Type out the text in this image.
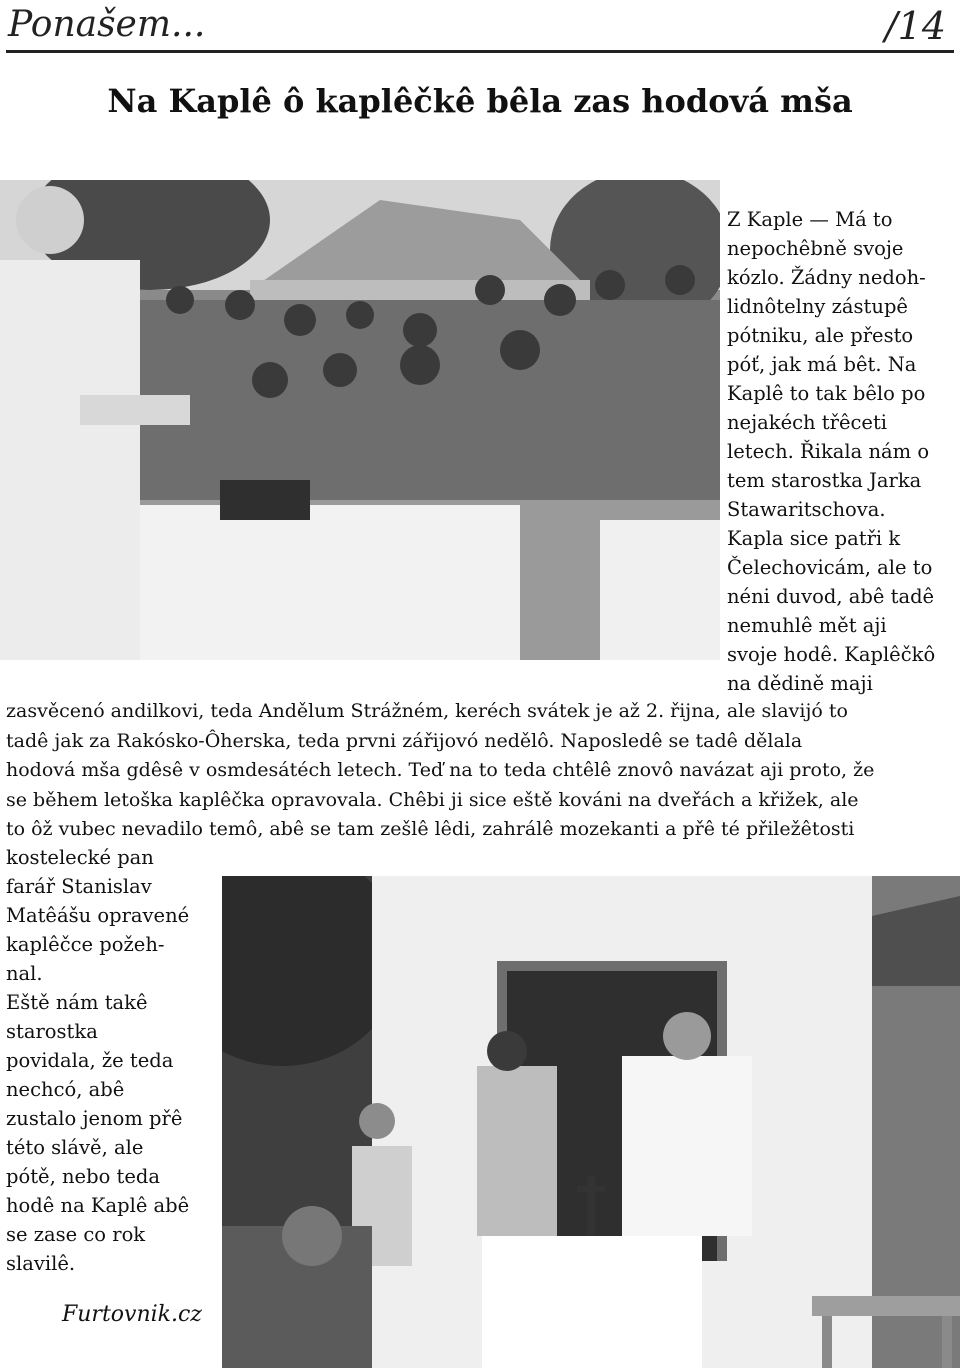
Ponašem...	/14
Na Kaplê ô kaplêčkê bêla zas hodová mša
Z Kaple — Má to
nepochêbně svoje
kózlo. Žádny nedoh-
lidnôtelny zástupê
pótniku, ale přesto
póť, jak má bêt. Na
Kaplê to tak bêlo po
nejakéch třêceti
letech. Řikala nám o
tem starostka Jarka
Stawaritschova.
Kapla sice patři k
Čelechovicám, ale to
néni duvod, abê tadê
nemuhlê mět aji
svoje hodê. Kaplêčkô
na dědině maji
zasvěcenó andilkovi, teda Andělum Strážném, keréch svátek je až 2. řijna, ale slavijó to
tadê jak za Rakósko-Ôherska, teda prvni zářijovó nedělô. Naposledê se tadê dělala
hodová mša gdêsê v osmdesátéch letech. Teď na to teda chtêlê znovô navázat aji proto, že
se během letoška kaplêčka opravovala. Chêbi ji sice eště kováni na dveřách a křižek, ale
to ôž vubec nevadilo temô, abê se tam zešlê lêdi, zahrálê mozekanti a přê té přiležêtosti
kostelecké pan
farář Stanislav
Matêášu opravené
kaplêčce požeh-
nal.
Eště nám takê
starostka
povidala, že teda
nechcó, abê
zustalo jenom přê
této slávě, ale
pótě, nebo teda
hodê na Kaplê abê
se zase co rok
slavilê.
Furtovnik.cz
